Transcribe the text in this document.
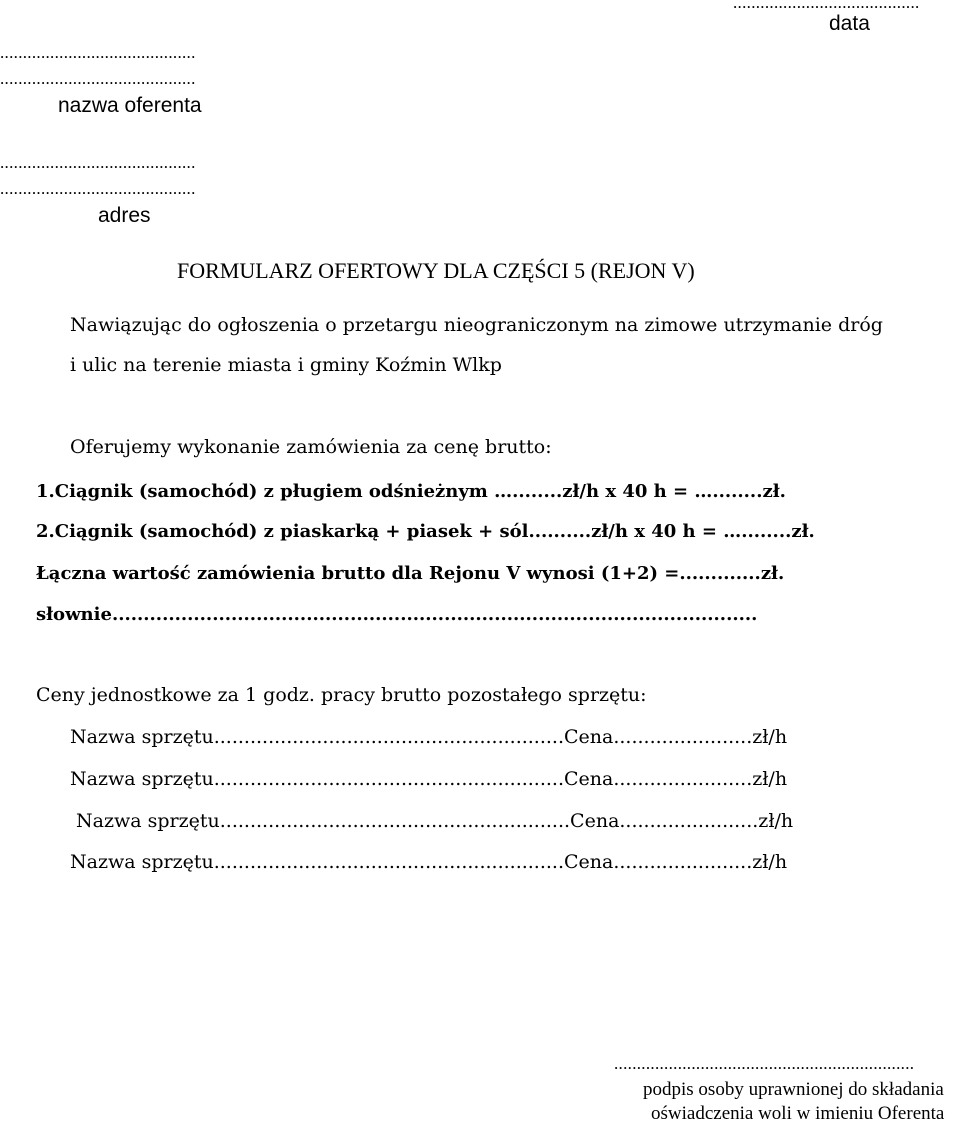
.........................................
data
...........................................
...........................................
nazwa oferenta
...........................................
...........................................
adres
FORMULARZ OFERTOWY DLA CZĘŚCI 5 (REJON V)
Nawiązując do ogłoszenia o przetargu nieograniczonym na zimowe utrzymanie dróg
i ulic na terenie miasta i gminy Koźmin Wlkp
Oferujemy wykonanie zamówienia za cenę brutto:
1.Ciągnik (samochód) z pługiem odśnieżnym …........zł/h x 40 h = …........zł.
2.Ciągnik (samochód) z piaskarką + piasek + sól..........zł/h x 40 h = …........zł.
Łączna wartość zamówienia brutto dla Rejonu V wynosi (1+2) =.............zł.
słownie.......................................................................................................
Ceny jednostkowe za 1 godz. pracy brutto pozostałego sprzętu:
Nazwa sprzętu..........................................................Cena.......................zł/h
Nazwa sprzętu..........................................................Cena.......................zł/h
Nazwa sprzętu..........................................................Cena.......................zł/h
Nazwa sprzętu..........................................................Cena.......................zł/h
..................................................................
podpis osoby uprawnionej do składania
oświadczenia woli w imieniu Oferenta
